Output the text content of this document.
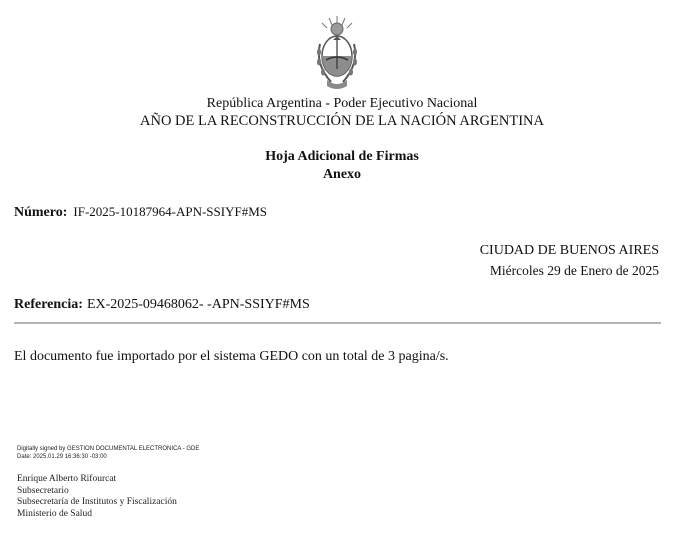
República Argentina - Poder Ejecutivo Nacional
AÑO DE LA RECONSTRUCCIÓN DE LA NACIÓN ARGENTINA
Hoja Adicional de Firmas
Anexo
Número: IF-2025-10187964-APN-SSIYF#MS
CIUDAD DE BUENOS AIRES
Miércoles 29 de Enero de 2025
Referencia: EX-2025-09468062- -APN-SSIYF#MS
El documento fue importado por el sistema GEDO con un total de 3 pagina/s.
Digitally signed by GESTION DOCUMENTAL ELECTRONICA - GDE
Date: 2025.01.29 16:36:30 -03:00
Enrique Alberto Rifourcat
Subsecretario
Subsecretaría de Institutos y Fiscalización
Ministerio de Salud
